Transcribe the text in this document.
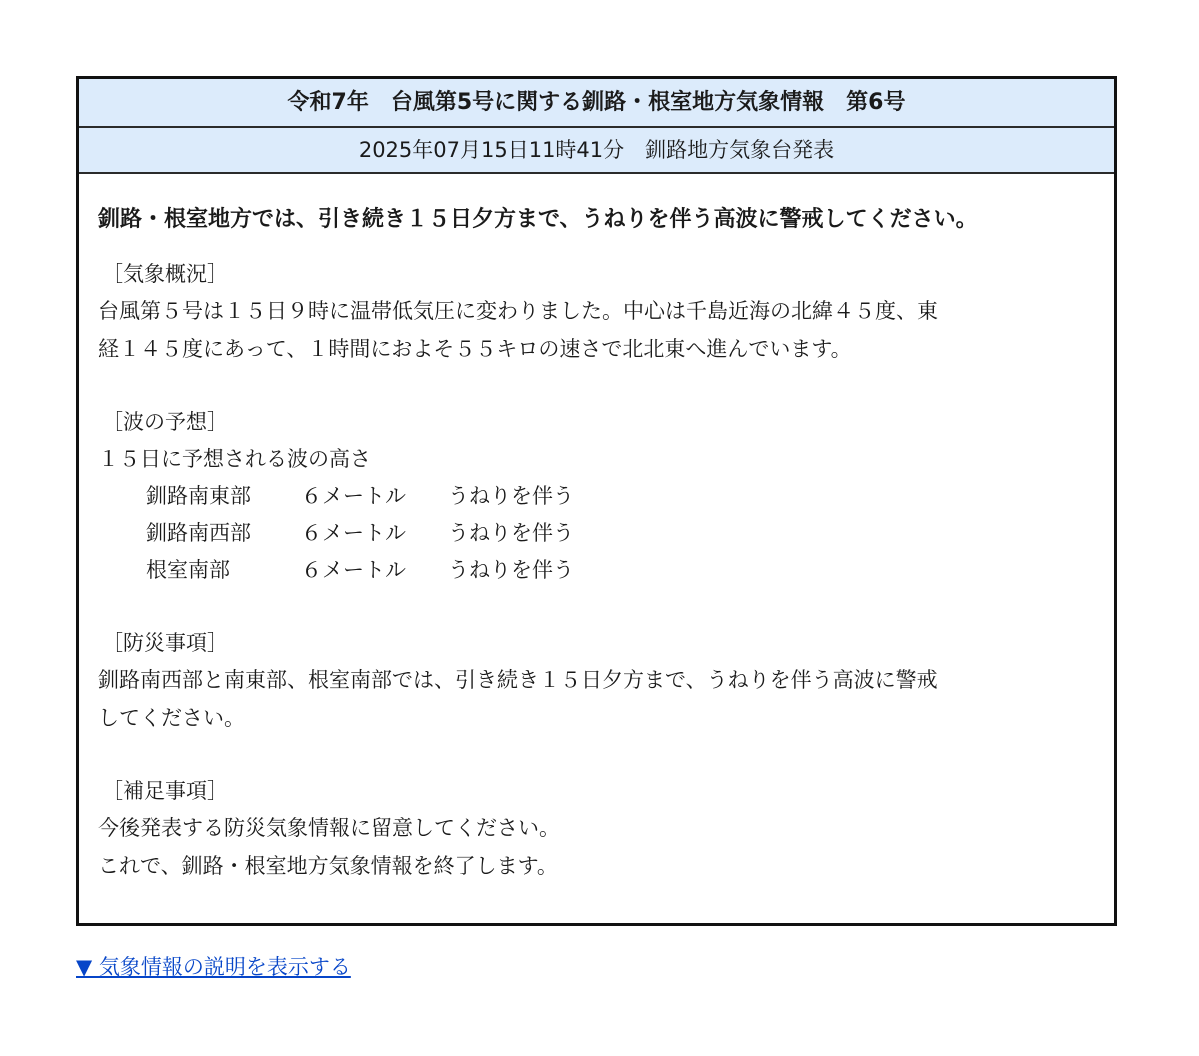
令和7年　台風第5号に関する釧路・根室地方気象情報　第6号
2025年07月15日11時41分　釧路地方気象台発表
釧路・根室地方では、引き続き１５日夕方まで、うねりを伴う高波に警戒してください。
［気象概況］

台風第５号は１５日９時に温帯低気圧に変わりました。中心は千島近海の北緯４５度、東

経１４５度にあって、１時間におよそ５５キロの速さで北北東へ進んでいます。

［波の予想］

１５日に予想される波の高さ

釧路南東部 ６メートル うねりを伴う
釧路南西部 ６メートル うねりを伴う
根室南部	６メートル うねりを伴う
［防災事項］

釧路南西部と南東部、根室南部では、引き続き１５日夕方まで、うねりを伴う高波に警戒

してください。

［補足事項］

今後発表する防災気象情報に留意してください。

これで、釧路・根室地方気象情報を終了します。

▼ 気象情報の説明を表示する
